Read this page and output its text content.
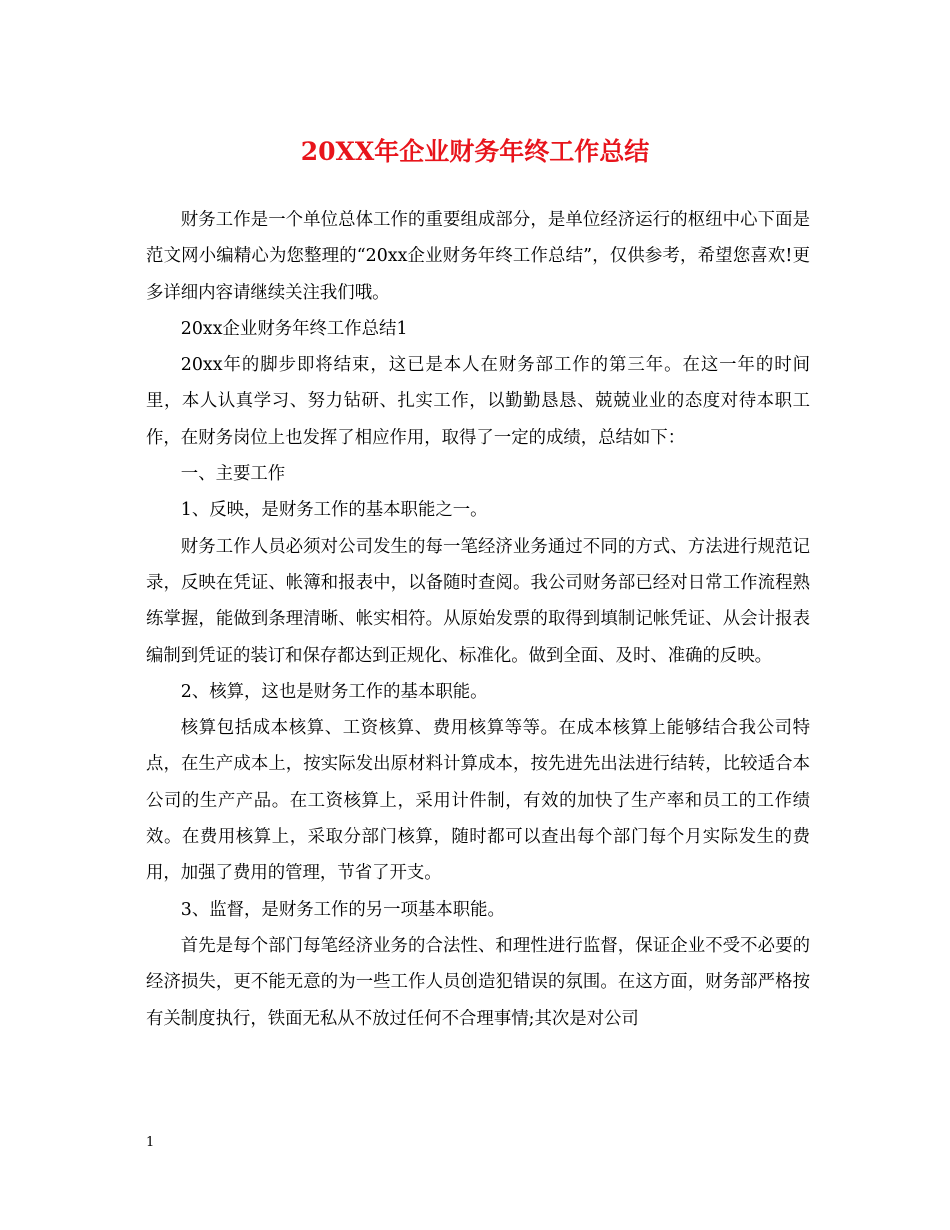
20XX年企业财务年终工作总结

财务工作是一个单位总体工作的重要组成部分，是单位经济运行的枢纽中心下面是范文网小编精心为您整理的“20xx企业财务年终工作总结”，仅供参考，希望您喜欢!更多详细内容请继续关注我们哦。

20xx企业财务年终工作总结1

20xx年的脚步即将结束，这已是本人在财务部工作的第三年。在这一年的时间里，本人认真学习、努力钻研、扎实工作，以勤勤恳恳、兢兢业业的态度对待本职工作，在财务岗位上也发挥了相应作用，取得了一定的成绩，总结如下：

一、主要工作

1、反映，是财务工作的基本职能之一。

财务工作人员必须对公司发生的每一笔经济业务通过不同的方式、方法进行规范记录，反映在凭证、帐簿和报表中，以备随时查阅。我公司财务部已经对日常工作流程熟练掌握，能做到条理清晰、帐实相符。从原始发票的取得到填制记帐凭证、从会计报表编制到凭证的装订和保存都达到正规化、标准化。做到全面、及时、准确的反映。

2、核算，这也是财务工作的基本职能。

核算包括成本核算、工资核算、费用核算等等。在成本核算上能够结合我公司特点，在生产成本上，按实际发出原材料计算成本，按先进先出法进行结转，比较适合本公司的生产产品。在工资核算上，采用计件制，有效的加快了生产率和员工的工作绩效。在费用核算上，采取分部门核算，随时都可以查出每个部门每个月实际发生的费用，加强了费用的管理，节省了开支。

3、监督，是财务工作的另一项基本职能。

首先是每个部门每笔经济业务的合法性、和理性进行监督，保证企业不受不必要的经济损失，更不能无意的为一些工作人员创造犯错误的氛围。在这方面，财务部严格按有关制度执行，铁面无私从不放过任何不合理事情;其次是对公司

1
